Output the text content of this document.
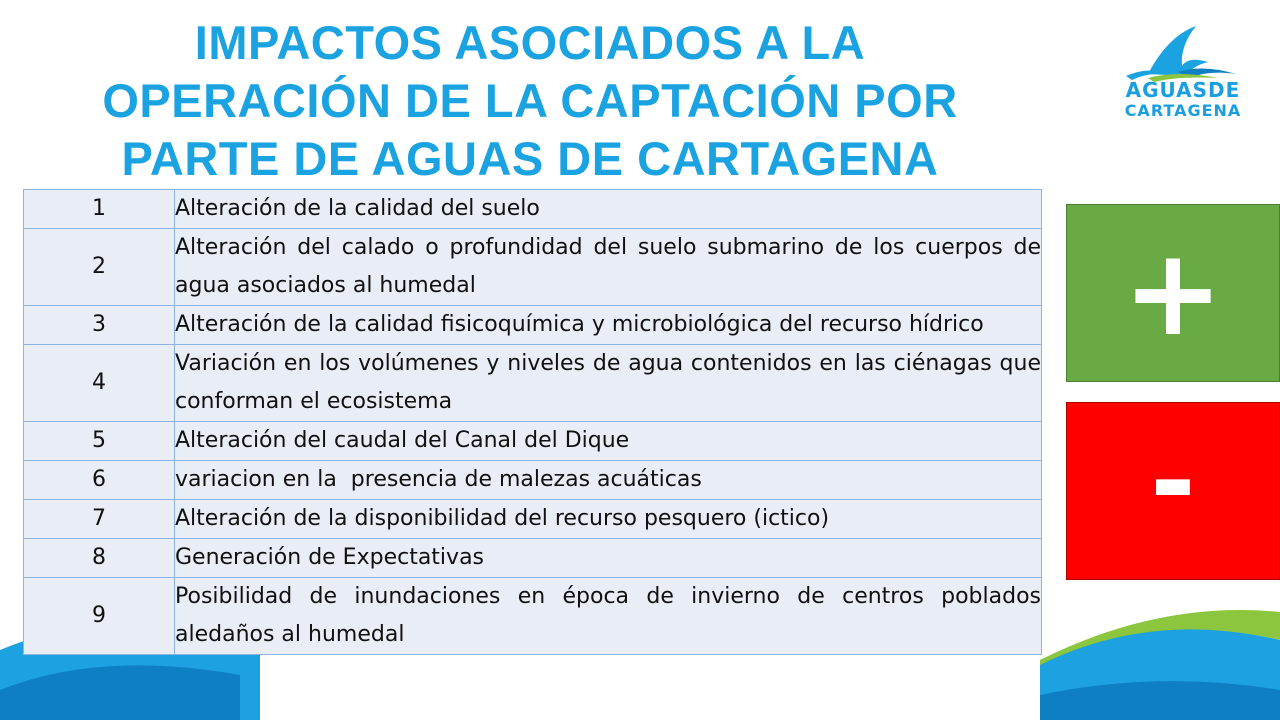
IMPACTOS ASOCIADOS A LA
OPERACIÓN DE LA CAPTACIÓN POR
PARTE DE AGUAS DE CARTAGENA
AGUASDE
CARTAGENA
1	Alteración de la calidad del suelo
2	Alteración del calado o profundidad del suelo submarino de los cuerpos de agua asociados al humedal
3	Alteración de la calidad fisicoquímica y microbiológica del recurso hídrico
4	Variación en los volúmenes y niveles de agua contenidos en las ciénagas que conforman el ecosistema
5	Alteración del caudal del Canal del Dique
6	variacion en la  presencia de malezas acuáticas
7	Alteración de la disponibilidad del recurso pesquero (ictico)
8	Generación de Expectativas
9	Posibilidad de inundaciones en época de invierno de centros poblados aledaños al humedal
+
-
